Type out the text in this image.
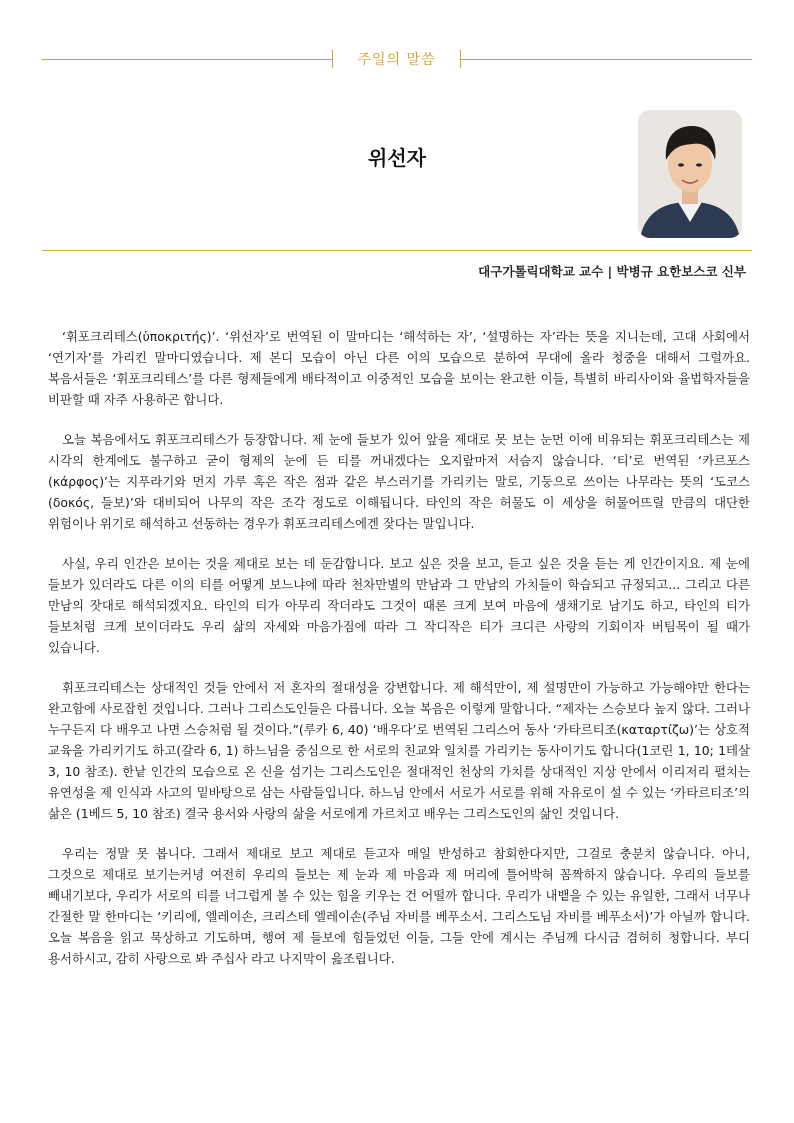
주일의 말씀
위선자
대구가톨릭대학교 교수 | 박병규 요한보스코 신부

‘휘포크리테스(ὑποκριτής)’. ‘위선자’로 번역된 이 말마디는 ‘해석하는 자’, ‘설명하는 자’라는 뜻을 지니는데, 고대 사회에서 ‘연기자’를 가리킨 말마디였습니다. 제 본디 모습이 아닌 다른 이의 모습으로 분하여 무대에 올라 청중을 대해서 그럴까요. 복음서들은 ‘휘포크리테스’를 다른 형제들에게 배타적이고 이중적인 모습을 보이는 완고한 이들, 특별히 바리사이와 율법학자들을 비판할 때 자주 사용하곤 합니다.

오늘 복음에서도 휘포크리테스가 등장합니다. 제 눈에 들보가 있어 앞을 제대로 못 보는 눈먼 이에 비유되는 휘포크리테스는 제 시각의 한계에도 불구하고 굳이 형제의 눈에 든 티를 꺼내겠다는 오지랖마저 서슴지 않습니다. ‘티’로 번역된 ‘카르포스(κάρφος)’는 지푸라기와 먼지 가루 혹은 작은 점과 같은 부스러기를 가리키는 말로, 기둥으로 쓰이는 나무라는 뜻의 ‘도코스(δοκός, 들보)’와 대비되어 나무의 작은 조각 정도로 이해됩니다. 타인의 작은 허물도 이 세상을 허물어뜨릴 만큼의 대단한 위험이나 위기로 해석하고 선동하는 경우가 휘포크리테스에겐 잦다는 말입니다.

사실, 우리 인간은 보이는 것을 제대로 보는 데 둔감합니다. 보고 싶은 것을 보고, 듣고 싶은 것을 듣는 게 인간이지요. 제 눈에 들보가 있더라도 다른 이의 티를 어떻게 보느냐에 따라 천차만별의 만남과 그 만남의 가치들이 학습되고 규정되고... 그리고 다른 만남의 잣대로 해석되겠지요. 타인의 티가 아무리 작더라도 그것이 때론 크게 보여 마음에 생채기로 남기도 하고, 타인의 티가 들보처럼 크게 보이더라도 우리 삶의 자세와 마음가짐에 따라 그 작디작은 티가 크디큰 사랑의 기회이자 버팀목이 될 때가 있습니다.

휘포크리테스는 상대적인 것들 안에서 저 혼자의 절대성을 강변합니다. 제 해석만이, 제 설명만이 가능하고 가능해야만 한다는 완고함에 사로잡힌 것입니다. 그러나 그리스도인들은 다릅니다. 오늘 복음은 이렇게 말합니다. “제자는 스승보다 높지 않다. 그러나 누구든지 다 배우고 나면 스승처럼 될 것이다.”(루카 6, 40) ‘배우다’로 번역된 그리스어 동사 ‘카타르티조(καταρτίζω)’는 상호적 교육을 가리키기도 하고(갈라 6, 1) 하느님을 중심으로 한 서로의 친교와 일치를 가리키는 동사이기도 합니다(1코린 1, 10; 1테살 3, 10 참조). 한낱 인간의 모습으로 온 신을 섬기는 그리스도인은 절대적인 천상의 가치를 상대적인 지상 안에서 이리저리 펼치는 유연성을 제 인식과 사고의 밑바탕으로 삼는 사람들입니다. 하느님 안에서 서로가 서로를 위해 자유로이 설 수 있는 ‘카타르티조’의 삶은 (1베드 5, 10 참조) 결국 용서와 사랑의 삶을 서로에게 가르치고 배우는 그리스도인의 삶인 것입니다.

우리는 정말 못 봅니다. 그래서 제대로 보고 제대로 듣고자 매일 반성하고 참회한다지만, 그걸로 충분치 않습니다. 아니, 그것으로 제대로 보기는커녕 여전히 우리의 들보는 제 눈과 제 마음과 제 머리에 틀어박혀 꼼짝하지 않습니다. 우리의 들보를 빼내기보다, 우리가 서로의 티를 너그럽게 볼 수 있는 힘을 키우는 건 어떨까 합니다. 우리가 내뱉을 수 있는 유일한, 그래서 너무나 간절한 말 한마디는 ‘키리에, 엘레이손, 크리스테 엘레이손(주님 자비를 베푸소서. 그리스도님 자비를 베푸소서)’가 아닐까 합니다. 오늘 복음을 읽고 묵상하고 기도하며, 행여 제 들보에 힘들었던 이들, 그들 안에 계시는 주님께 다시금 겸허히 청합니다. 부디 용서하시고, 감히 사랑으로 봐 주십사 라고 나지막이 읊조립니다.
